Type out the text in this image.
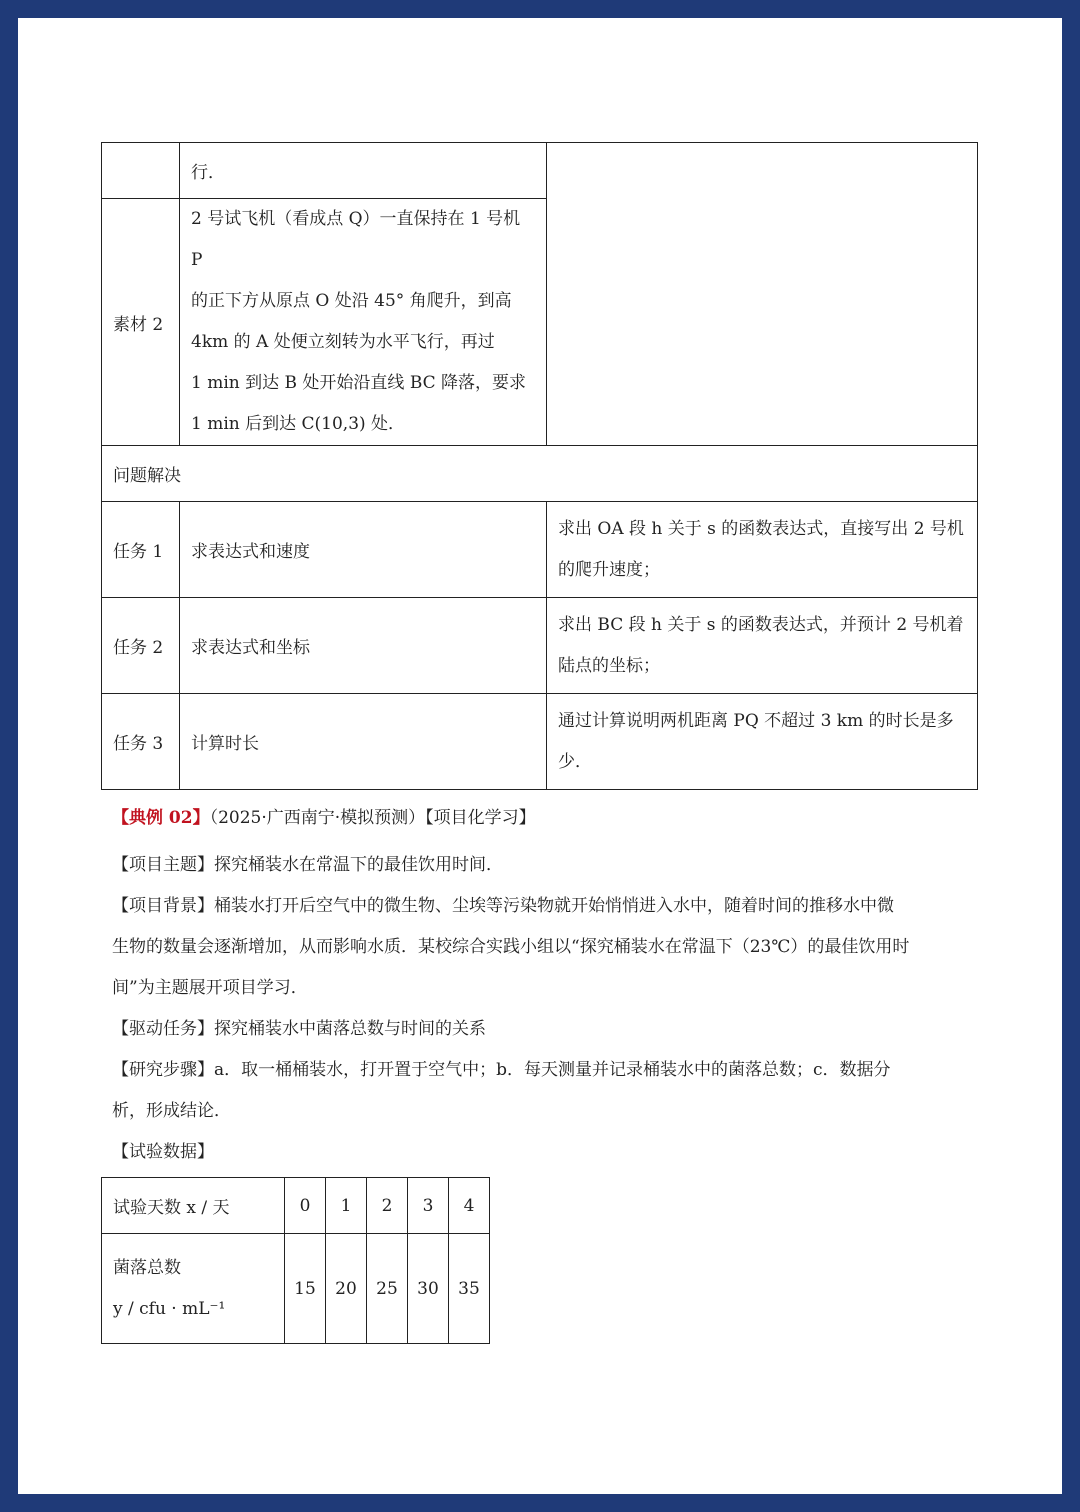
	行．	
素材 2	2 号试飞机（看成点 Q）一直保持在 1 号机 P
的正下方从原点 O 处沿 45° 角爬升，到高
4km 的 A 处便立刻转为水平飞行，再过
1 min 到达 B 处开始沿直线 BC 降落，要求
1 min 后到达 C(10,3) 处．	

问题解决		
任务 1	求表达式和速度	求出 OA 段 h 关于 s 的函数表达式，直接写出 2 号机
的爬升速度；

任务 2	求表达式和坐标	求出 BC 段 h 关于 s 的函数表达式，并预计 2 号机着
陆点的坐标；

任务 3	计算时长	通过计算说明两机距离 PQ 不超过 3 km 的时长是多
少．

【典例 02】（2025·广西南宁·模拟预测）【项目化学习】

【项目主题】探究桶装水在常温下的最佳饮用时间．

【项目背景】桶装水打开后空气中的微生物、尘埃等污染物就开始悄悄进入水中，随着时间的推移水中微

生物的数量会逐渐增加，从而影响水质．某校综合实践小组以“探究桶装水在常温下（23℃）的最佳饮用时

间”为主题展开项目学习．

【驱动任务】探究桶装水中菌落总数与时间的关系

【研究步骤】a．取一桶桶装水，打开置于空气中；b．每天测量并记录桶装水中的菌落总数；c．数据分

析，形成结论．

【试验数据】

试验天数 x / 天	0	1	2	3	4

菌落总数
y / cfu · mL⁻¹	15	20	25	30	35
